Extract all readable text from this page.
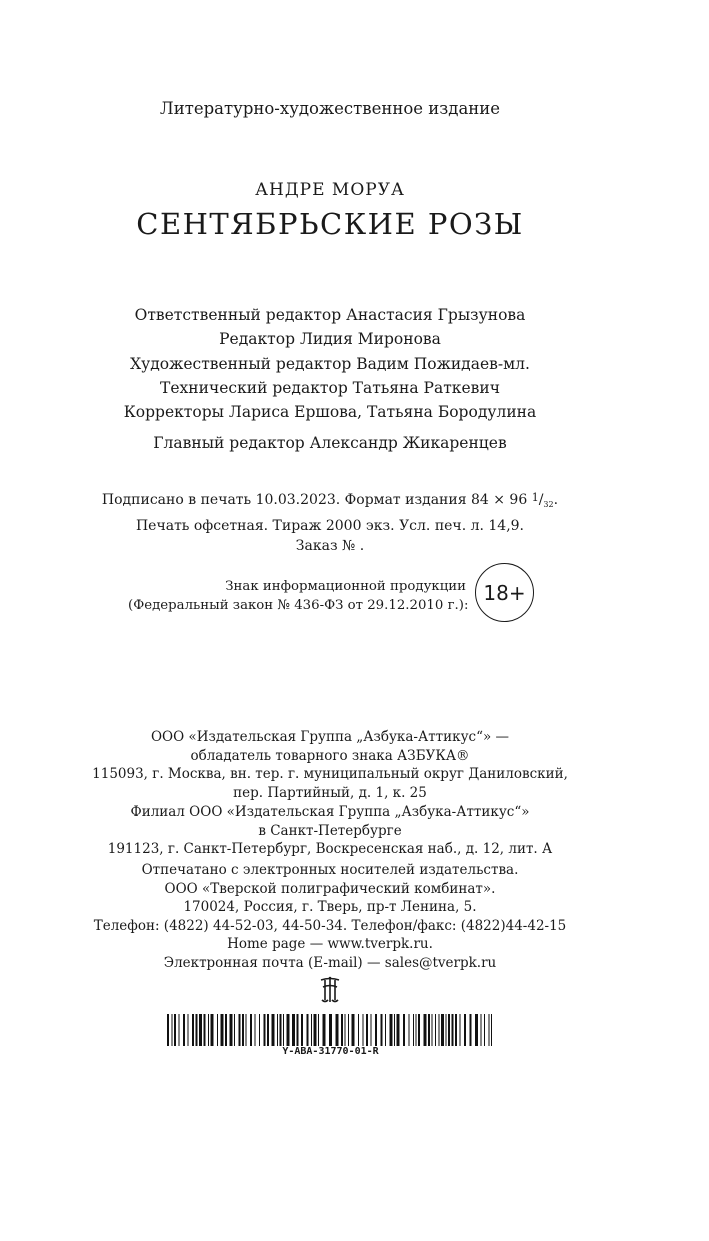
Литературно-художественное издание
АНДРЕ МОРУА
СЕНТЯБРЬСКИЕ РОЗЫ
Ответственный редактор Анастасия Грызунова
Редактор Лидия Миронова
Художественный редактор Вадим Пожидаев-мл.
Технический редактор Татьяна Раткевич
Корректоры Лариса Ершова, Татьяна Бородулина
Главный редактор Александр Жикаренцев
Подписано в печать 10.03.2023. Формат издания 84 × 96 $^1/_{32}$.
Печать офсетная. Тираж 2000 экз. Усл. печ. л. 14,9.
Заказ № .
Знак информационной продукции
(Федеральный закон № 436-ФЗ от 29.12.2010 г.):
18+
ООО «Издательская Группа „Азбука-Аттикус“» —
обладатель товарного знака АЗБУКА®
115093, г. Москва, вн. тер. г. муниципальный округ Даниловский,
пер. Партийный, д. 1, к. 25
Филиал ООО «Издательская Группа „Азбука-Аттикус“»
в Санкт-Петербурге
191123, г. Санкт-Петербург, Воскресенская наб., д. 12, лит. А
Отпечатано с электронных носителей издательства.
ООО «Тверской полиграфический комбинат».
170024, Россия, г. Тверь, пр-т Ленина, 5.
Телефон: (4822) 44-52-03, 44-50-34. Телефон/факс: (4822)44-42-15
Home page — www.tverpk.ru.
Электронная почта (E-mail) — sales@tverpk.ru
Y-ABA-31770-01-R
